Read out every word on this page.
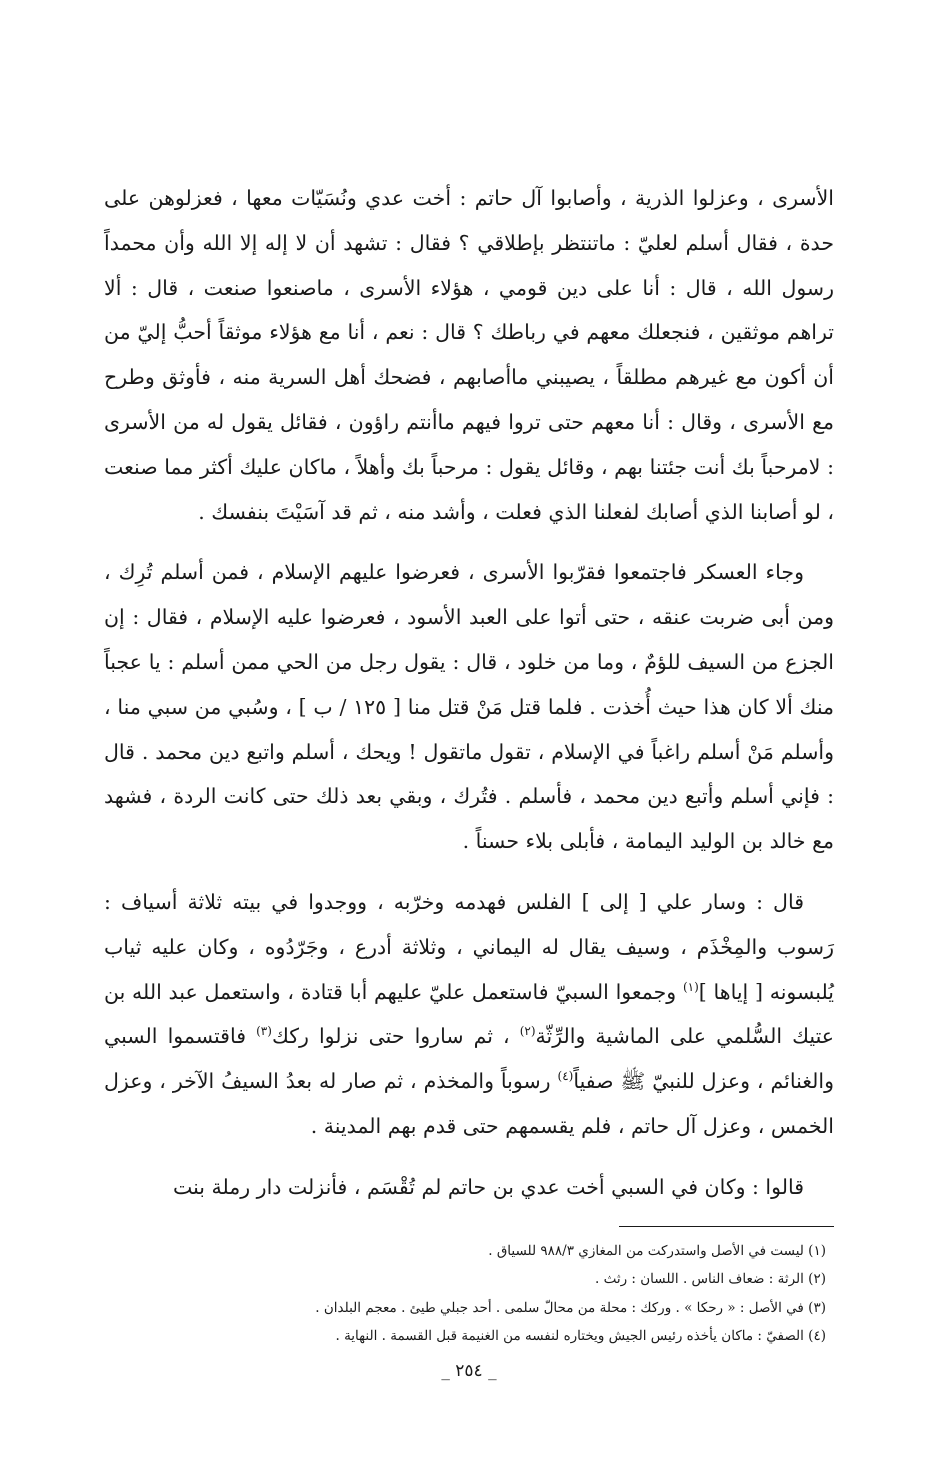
الأسرى ، وعزلوا الذرية ، وأصابوا آل حاتم : أخت عدي ونُسَيّات معها ، فعزلوهن على حدة ، فقال أسلم لعليّ : ماتنتظر بإطلاقي ؟ فقال : تشهد أن لا إله إلا الله وأن محمداً رسول الله ، قال : أنا على دين قومي ، هؤلاء الأسرى ، ماصنعوا صنعت ، قال : ألا تراهم موثقين ، فنجعلك معهم في رباطك ؟ قال : نعم ، أنا مع هؤلاء موثقاً أحبُّ إليّ من أن أكون مع غيرهم مطلقاً ، يصيبني ماأصابهم ، فضحك أهل السرية منه ، فأوثق وطرح مع الأسرى ، وقال : أنا معهم حتى تروا فيهم ماأنتم راؤون ، فقائل يقول له من الأسرى : لامرحباً بك أنت جئتنا بهم ، وقائل يقول : مرحباً بك وأهلاً ، ماكان عليك أكثر مما صنعت ، لو أصابنا الذي أصابك لفعلنا الذي فعلت ، وأشد منه ، ثم قد آسَيْتَ بنفسك .

وجاء العسكر فاجتمعوا فقرّبوا الأسرى ، فعرضوا عليهم الإسلام ، فمن أسلم تُرِك ، ومن أبى ضربت عنقه ، حتى أتوا على العبد الأسود ، فعرضوا عليه الإسلام ، فقال : إن الجزع من السيف للؤمٌ ، وما من خلود ، قال : يقول رجل من الحي ممن أسلم : يا عجباً منك ألا كان هذا حيث أُخذت . فلما قتل مَنْ قتل منا [ ١٢٥ / ب ] ، وسُبي من سبي منا ، وأسلم مَنْ أسلم راغباً في الإسلام ، تقول ماتقول ! ويحك ، أسلم واتبع دين محمد . قال : فإني أسلم وأتبع دين محمد ، فأسلم . فتُرك ، وبقي بعد ذلك حتى كانت الردة ، فشهد مع خالد بن الوليد اليمامة ، فأبلى بلاء حسناً .

قال : وسار علي [ إلى ] الفلس فهدمه وخرّبه ، ووجدوا في بيته ثلاثة أسياف : رَسوب والمِخْذَم ، وسيف يقال له اليماني ، وثلاثة أدرع ، وجَرّدُوه ، وكان عليه ثياب يُلبسونه [ إياها ]$^{(١)}$ وجمعوا السبيّ فاستعمل عليّ عليهم أبا قتادة ، واستعمل عبد الله بن عتيك السُّلمي على الماشية والرِّثّة$^{(٢)}$ ، ثم ساروا حتى نزلوا ركك$^{(٣)}$ فاقتسموا السبي والغنائم ، وعزل للنبيّ ﷺ صفياً$^{(٤)}$ رسوباً والمخذم ، ثم صار له بعدُ السيفُ الآخر ، وعزل الخمس ، وعزل آل حاتم ، فلم يقسمهم حتى قدم بهم المدينة .

قالوا : وكان في السبي أخت عدي بن حاتم لم تُقْسَم ، فأنزلت دار رملة بنت

(١) ليست في الأصل واستدركت من المغازي ٩٨٨/٣ للسياق .
(٢) الرثة : ضعاف الناس . اللسان : رثث .
(٣) في الأصل : « رحكا » . وركك : محلة من محالّ سلمى . أحد جبلي طيئ . معجم البلدان .
(٤) الصفيّ : ماكان يأخذه رئيس الجيش ويختاره لنفسه من الغنيمة قبل القسمة . النهاية .
_ ٢٥٤ _
